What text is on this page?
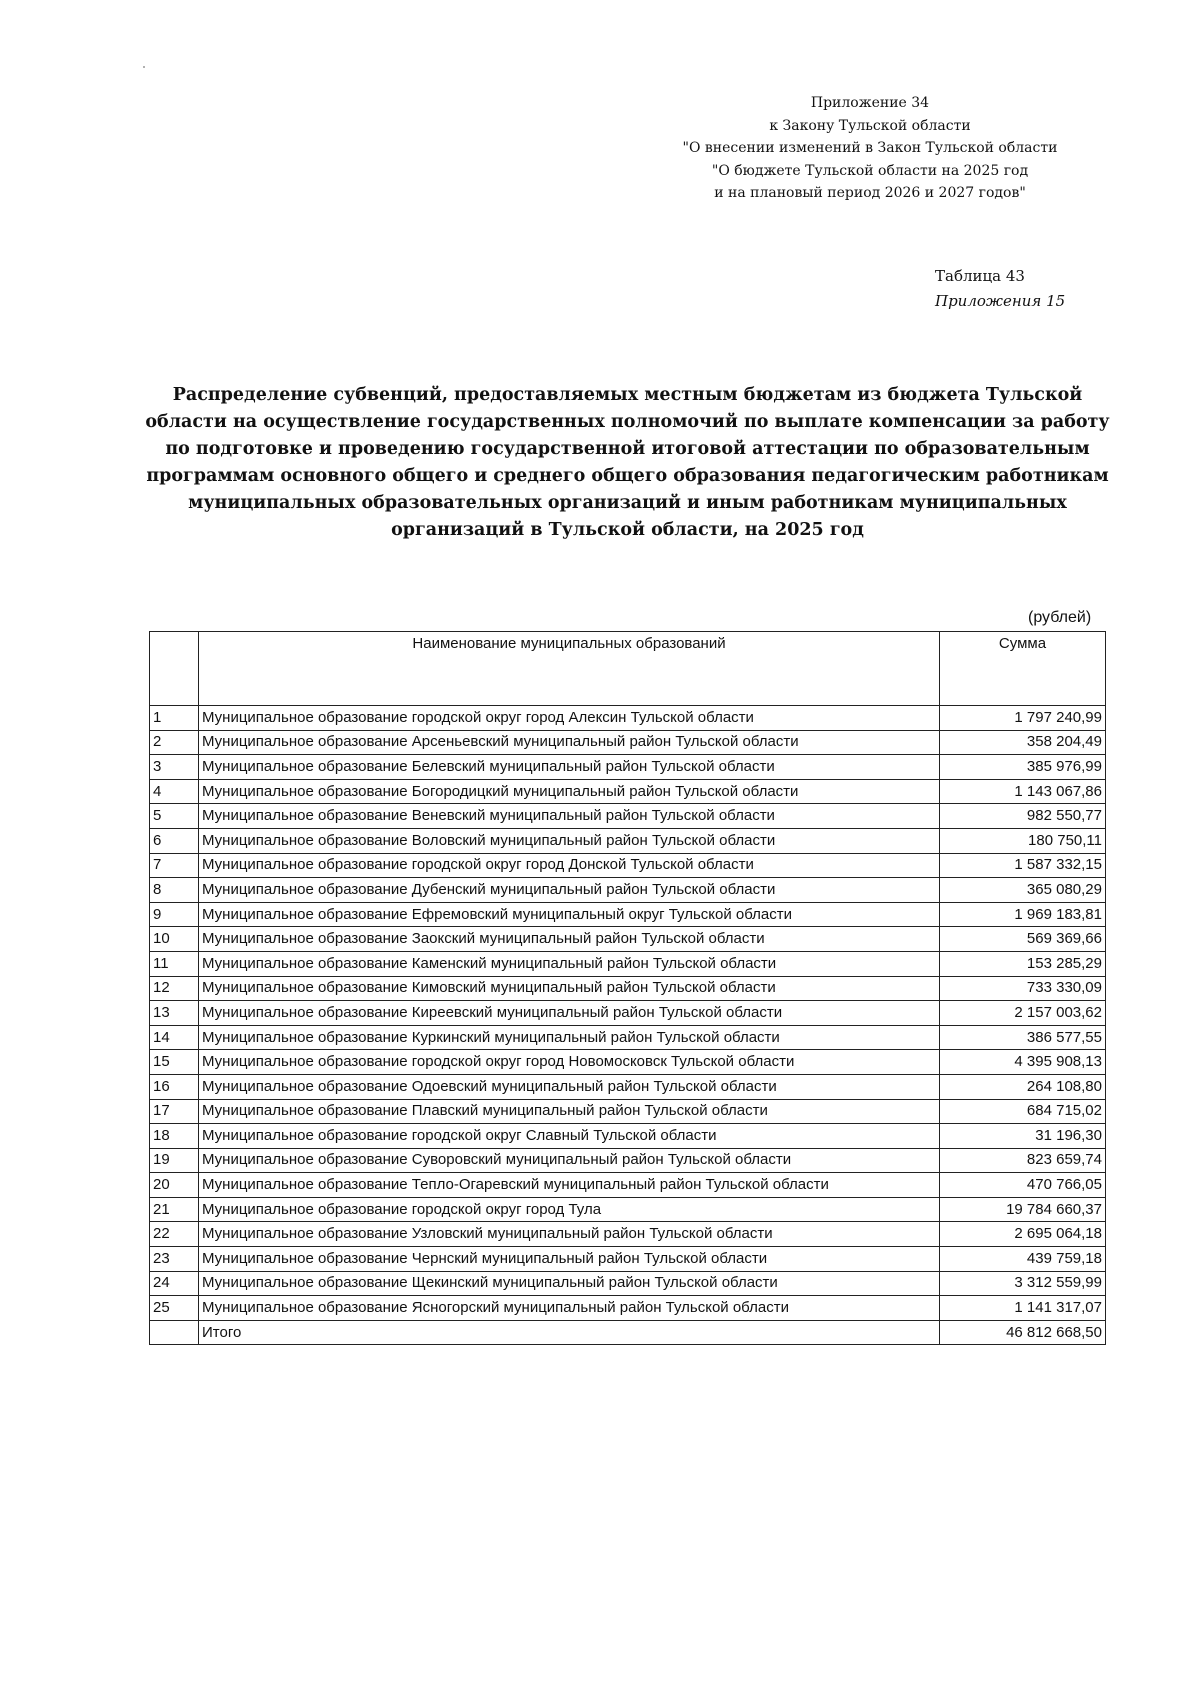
Приложение 34
к Закону Тульской области
"О внесении изменений в Закон Тульской области
"О бюджете Тульской области на 2025 год
и на плановый период 2026 и 2027 годов"
Таблица 43
Приложения 15
Распределение субвенций, предоставляемых местным бюджетам из бюджета Тульской области на осуществление государственных полномочий по выплате компенсации за работу по подготовке и проведению государственной итоговой аттестации по образовательным программам основного общего и среднего общего образования педагогическим работникам муниципальных образовательных организаций и иным работникам муниципальных организаций в Тульской области, на 2025 год
(рублей)
	Наименование муниципальных образований	Сумма
1	Муниципальное образование городской округ город Алексин Тульской области	1 797 240,99
2	Муниципальное образование Арсеньевский муниципальный район Тульской области	358 204,49
3	Муниципальное образование Белевский муниципальный район Тульской области	385 976,99
4	Муниципальное образование Богородицкий муниципальный район Тульской области	1 143 067,86
5	Муниципальное образование Веневский муниципальный район Тульской области	982 550,77
6	Муниципальное образование Воловский муниципальный район Тульской области	180 750,11
7	Муниципальное образование городской округ город Донской Тульской области	1 587 332,15
8	Муниципальное образование Дубенский муниципальный район Тульской области	365 080,29
9	Муниципальное образование Ефремовский муниципальный округ Тульской области	1 969 183,81
10	Муниципальное образование Заокский муниципальный район Тульской области	569 369,66
11	Муниципальное образование Каменский муниципальный район Тульской области	153 285,29
12	Муниципальное образование Кимовский муниципальный район Тульской области	733 330,09
13	Муниципальное образование Киреевский муниципальный район Тульской области	2 157 003,62
14	Муниципальное образование Куркинский муниципальный район Тульской области	386 577,55
15	Муниципальное образование городской округ город Новомосковск Тульской области	4 395 908,13
16	Муниципальное образование Одоевский муниципальный район Тульской области	264 108,80
17	Муниципальное образование Плавский муниципальный район Тульской области	684 715,02
18	Муниципальное образование городской округ Славный Тульской области	31 196,30
19	Муниципальное образование Суворовский муниципальный район Тульской области	823 659,74
20	Муниципальное образование Тепло-Огаревский муниципальный район Тульской области	470 766,05
21	Муниципальное образование городской округ город Тула	19 784 660,37
22	Муниципальное образование Узловский муниципальный район Тульской области	2 695 064,18
23	Муниципальное образование Чернский муниципальный район Тульской области	439 759,18
24	Муниципальное образование Щекинский муниципальный район Тульской области	3 312 559,99
25	Муниципальное образование Ясногорский муниципальный район Тульской области	1 141 317,07
	Итого	46 812 668,50
